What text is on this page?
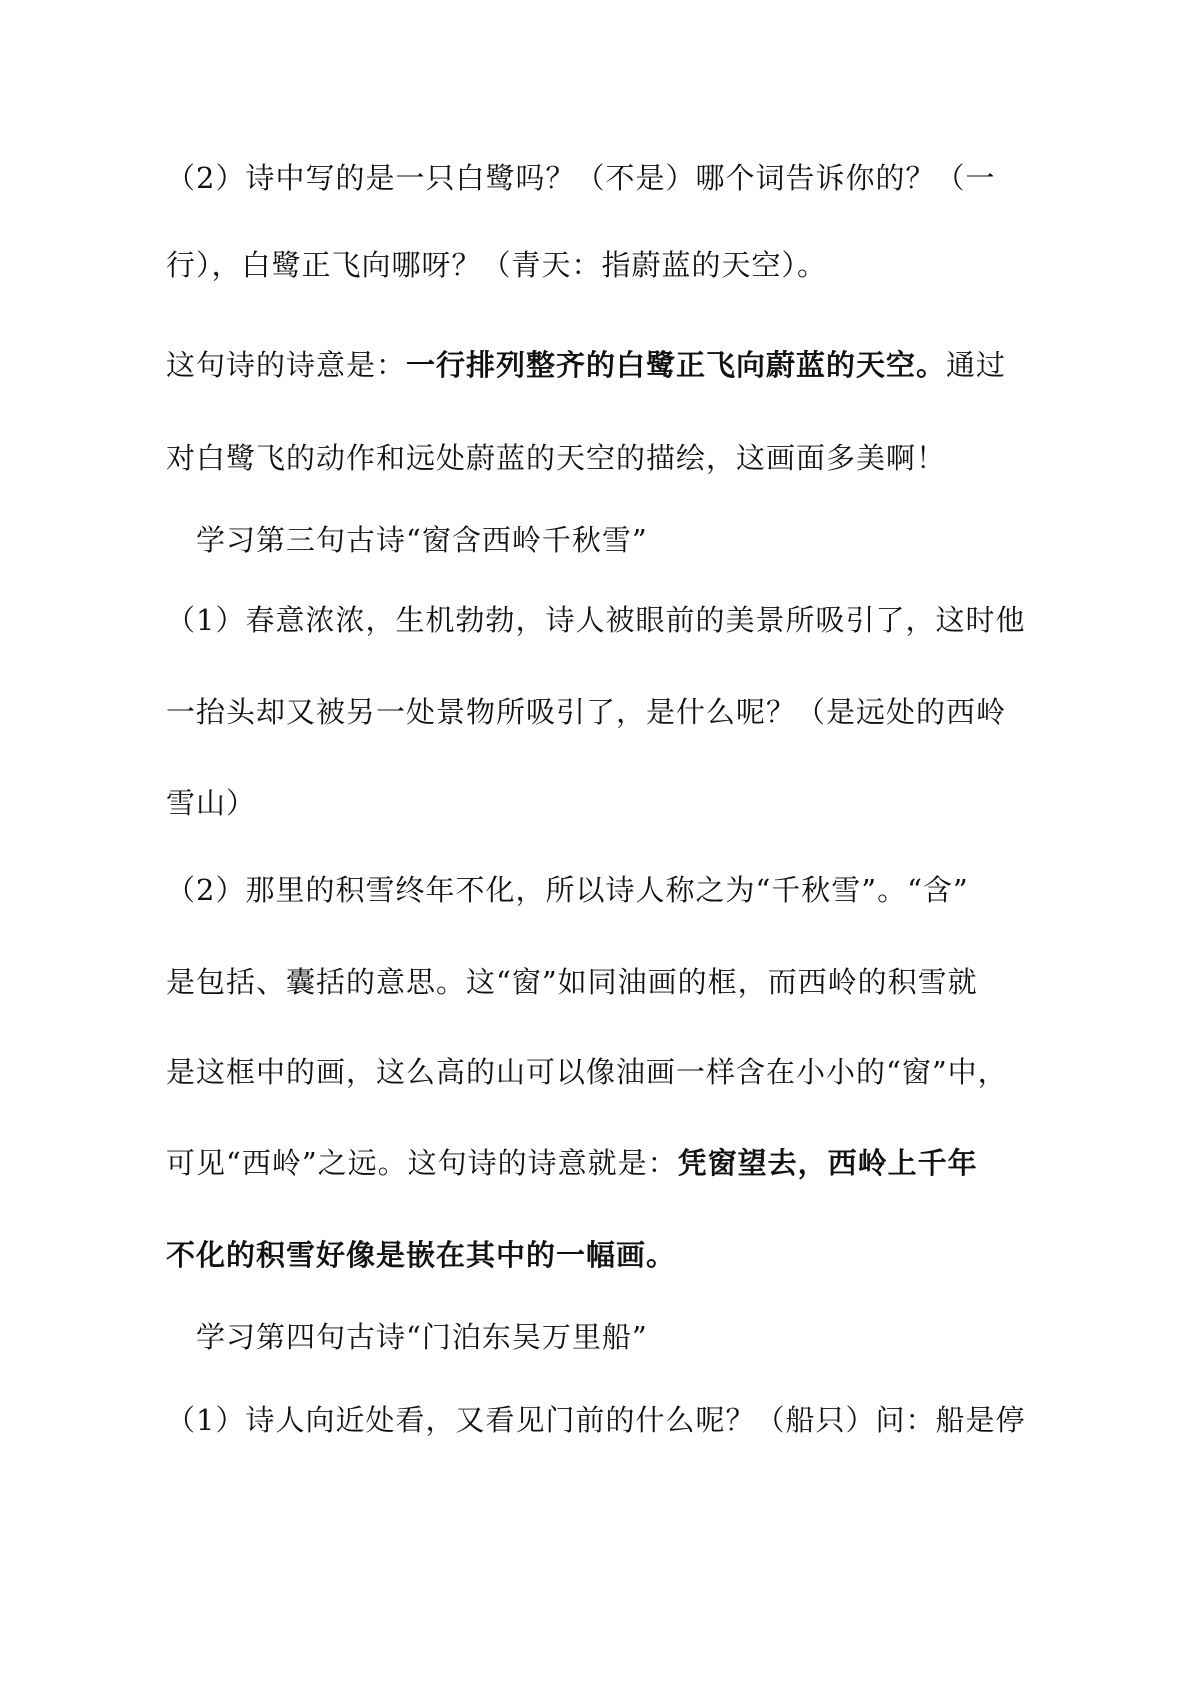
（2）诗中写的是一只白鹭吗？（不是）哪个词告诉你的？（一
行），白鹭正飞向哪呀？（青天：指蔚蓝的天空）。
这句诗的诗意是：一行排列整齐的白鹭正飞向蔚蓝的天空。通过
对白鹭飞的动作和远处蔚蓝的天空的描绘，这画面多美啊！
学习第三句古诗“窗含西岭千秋雪”
（1）春意浓浓，生机勃勃，诗人被眼前的美景所吸引了，这时他
一抬头却又被另一处景物所吸引了，是什么呢？（是远处的西岭
雪山）
（2）那里的积雪终年不化，所以诗人称之为“千秋雪”。“含”
是包括、囊括的意思。这“窗”如同油画的框，而西岭的积雪就
是这框中的画，这么高的山可以像油画一样含在小小的“窗”中，
可见“西岭”之远。这句诗的诗意就是：凭窗望去，西岭上千年
不化的积雪好像是嵌在其中的一幅画。
学习第四句古诗“门泊东吴万里船”
（1）诗人向近处看，又看见门前的什么呢？（船只）问：船是停
